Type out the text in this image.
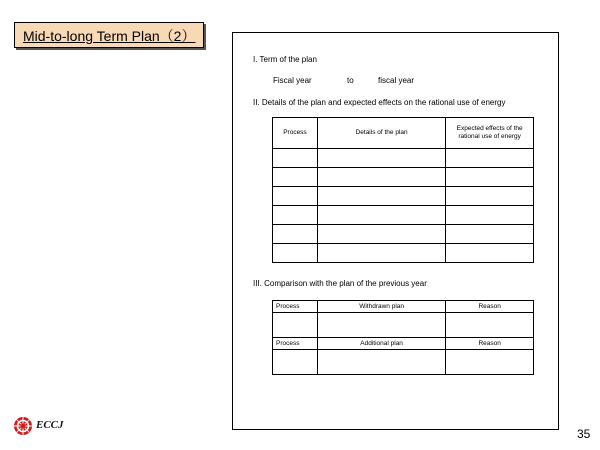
Mid-to-long Term Plan（2）
I. Term of the plan
Fiscal year	to	fiscal year
II. Details of the plan and expected effects on the rational use of energy
Process	Details of the plan	Expected effects of the rational use of energy

III. Comparison with the plan of the previous year
Process	Withdrawn plan	Reason

Process	Additional plan	Reason

ECCJ
35
